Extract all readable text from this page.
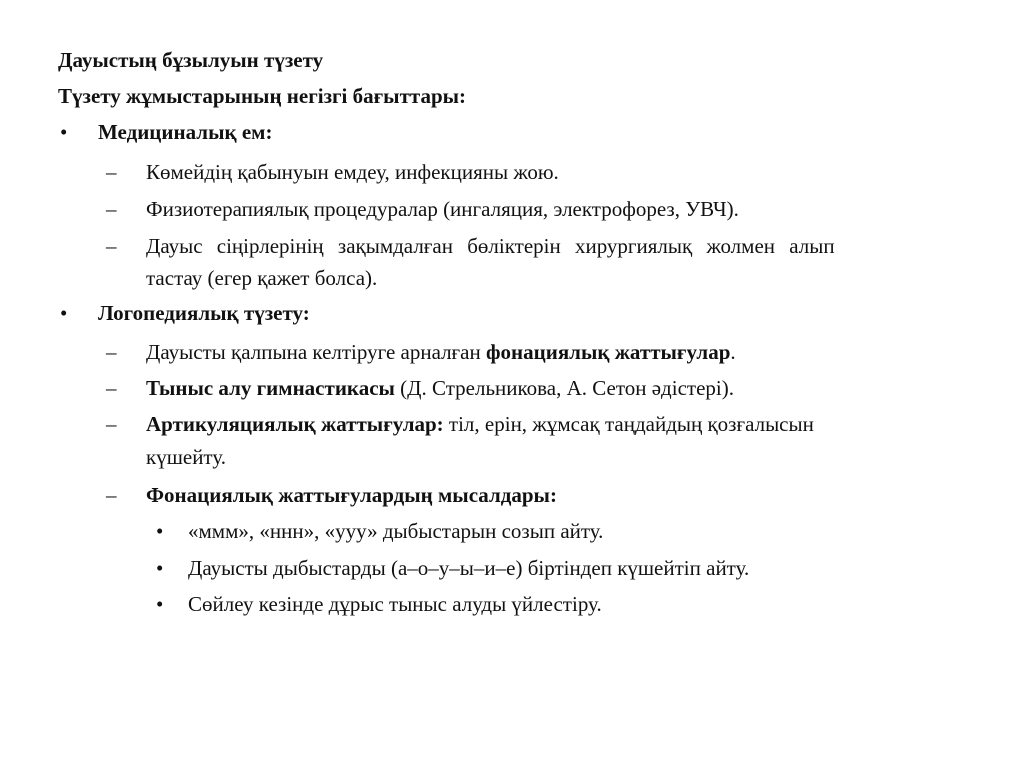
Дауыстың бұзылуын түзету
Түзету жұмыстарының негізгі бағыттары:
• Медициналық ем:
– Көмейдің қабынуын емдеу, инфекцияны жою.
– Физиотерапиялық процедуралар (ингаляция, электрофорез, УВЧ).
– Дауыс сіңірлерінің зақымдалған бөліктерін хирургиялық жолмен алып
тастау (егер қажет болса).
• Логопедиялық түзету:
– Дауысты қалпына келтіруге арналған фонациялық жаттығулар.
– Тыныс алу гимнастикасы (Д. Стрельникова, А. Сетон әдістері).
– Артикуляциялық жаттығулар: тіл, ерін, жұмсақ таңдайдың қозғалысын
күшейту.
– Фонациялық жаттығулардың мысалдары:
• «ммм», «ннн», «ууу» дыбыстарын созып айту.
• Дауысты дыбыстарды (а–о–у–ы–и–е) біртіндеп күшейтіп айту.
• Сөйлеу кезінде дұрыс тыныс алуды үйлестіру.
